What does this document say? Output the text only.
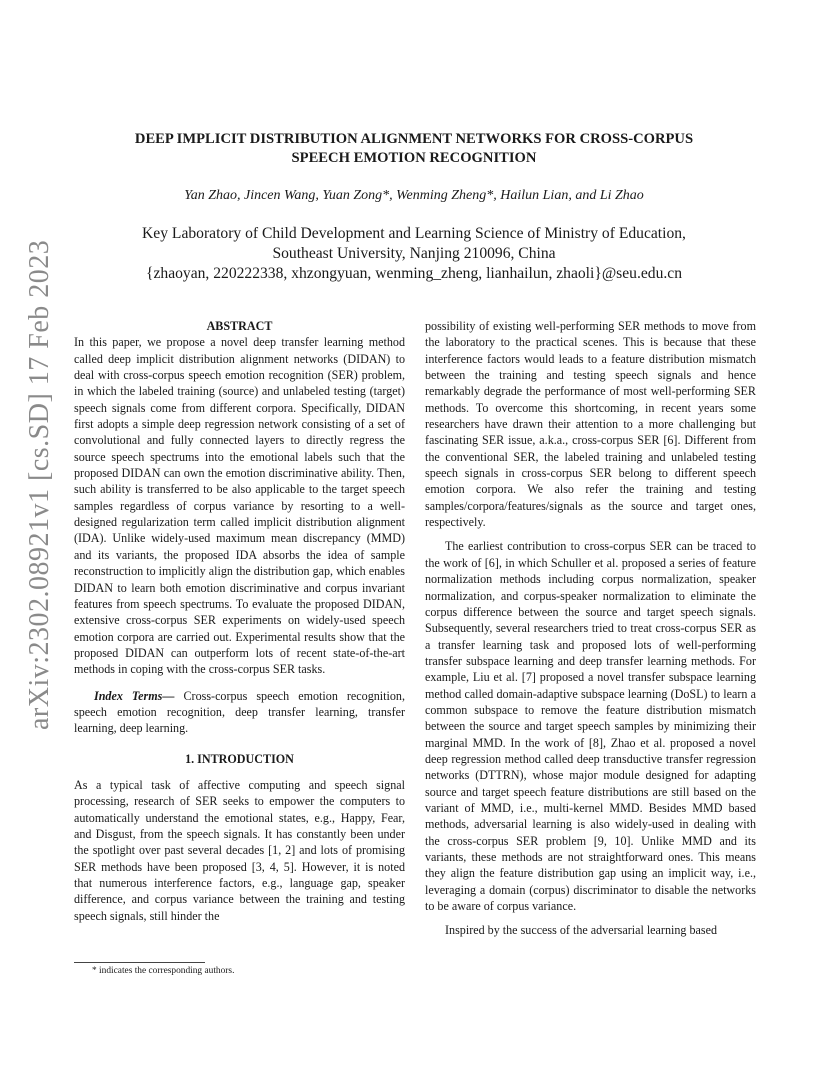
DEEP IMPLICIT DISTRIBUTION ALIGNMENT NETWORKS FOR CROSS-CORPUS
SPEECH EMOTION RECOGNITION

Yan Zhao, Jincen Wang, Yuan Zong*, Wenming Zheng*, Hailun Lian, and Li Zhao

Key Laboratory of Child Development and Learning Science of Ministry of Education,
Southeast University, Nanjing 210096, China
{zhaoyan, 220222338, xhzongyuan, wenming_zheng, lianhailun, zhaoli}@seu.edu.cn
arXiv:2302.08921v1 [cs.SD] 17 Feb 2023	ABSTRACT

In this paper, we propose a novel deep transfer learning method called deep implicit distribution alignment networks (DIDAN) to deal with cross-corpus speech emotion recognition (SER) problem, in which the labeled training (source) and unlabeled testing (target) speech signals come from different corpora. Specifically, DIDAN first adopts a simple deep regression network consisting of a set of convolutional and fully connected layers to directly regress the source speech spectrums into the emotional labels such that the proposed DIDAN can own the emotion discriminative ability. Then, such ability is transferred to be also applicable to the target speech samples regardless of corpus variance by resorting to a well-designed regularization term called implicit distribution alignment (IDA). Unlike widely-used maximum mean discrepancy (MMD) and its variants, the proposed IDA absorbs the idea of sample reconstruction to implicitly align the distribution gap, which enables DIDAN to learn both emotion discriminative and corpus invariant features from speech spectrums. To evaluate the proposed DIDAN, extensive cross-corpus SER experiments on widely-used speech emotion corpora are carried out. Experimental results show that the proposed DIDAN can outperform lots of recent state-of-the-art methods in coping with the cross-corpus SER tasks.

Index Terms— Cross-corpus speech emotion recognition, speech emotion recognition, deep transfer learning, transfer learning, deep learning.

1. INTRODUCTION

As a typical task of affective computing and speech signal processing, research of SER seeks to empower the computers to automatically understand the emotional states, e.g., Happy, Fear, and Disgust, from the speech signals. It has constantly been under the spotlight over past several decades [1, 2] and lots of promising SER methods have been proposed [3, 4, 5]. However, it is noted that numerous interference factors, e.g., language gap, speaker difference, and corpus variance between the training and testing speech signals, still hinder the

possibility of existing well-performing SER methods to move from the laboratory to the practical scenes. This is because that these interference factors would leads to a feature distribution mismatch between the training and testing speech signals and hence remarkably degrade the performance of most well-performing SER methods. To overcome this shortcoming, in recent years some researchers have drawn their attention to a more challenging but fascinating SER issue, a.k.a., cross-corpus SER [6]. Different from the conventional SER, the labeled training and unlabeled testing speech signals in cross-corpus SER belong to different speech emotion corpora. We also refer the training and testing samples/corpora/features/signals as the source and target ones, respectively.

The earliest contribution to cross-corpus SER can be traced to the work of [6], in which Schuller et al. proposed a series of feature normalization methods including corpus normalization, speaker normalization, and corpus-speaker normalization to eliminate the corpus difference between the source and target speech signals. Subsequently, several researchers tried to treat cross-corpus SER as a transfer learning task and proposed lots of well-performing transfer subspace learning and deep transfer learning methods. For example, Liu et al. [7] proposed a novel transfer subspace learning method called domain-adaptive subspace learning (DoSL) to learn a common subspace to remove the feature distribution mismatch between the source and target speech samples by minimizing their marginal MMD. In the work of [8], Zhao et al. proposed a novel deep regression method called deep transductive transfer regression networks (DTTRN), whose major module designed for adapting source and target speech feature distributions are still based on the variant of MMD, i.e., multi-kernel MMD. Besides MMD based methods, adversarial learning is also widely-used in dealing with the cross-corpus SER problem [9, 10]. Unlike MMD and its variants, these methods are not straightforward ones. This means they align the feature distribution gap using an implicit way, i.e., leveraging a domain (corpus) discriminator to disable the networks to be aware of corpus variance.

Inspired by the success of the adversarial learning based

* indicates the corresponding authors.
